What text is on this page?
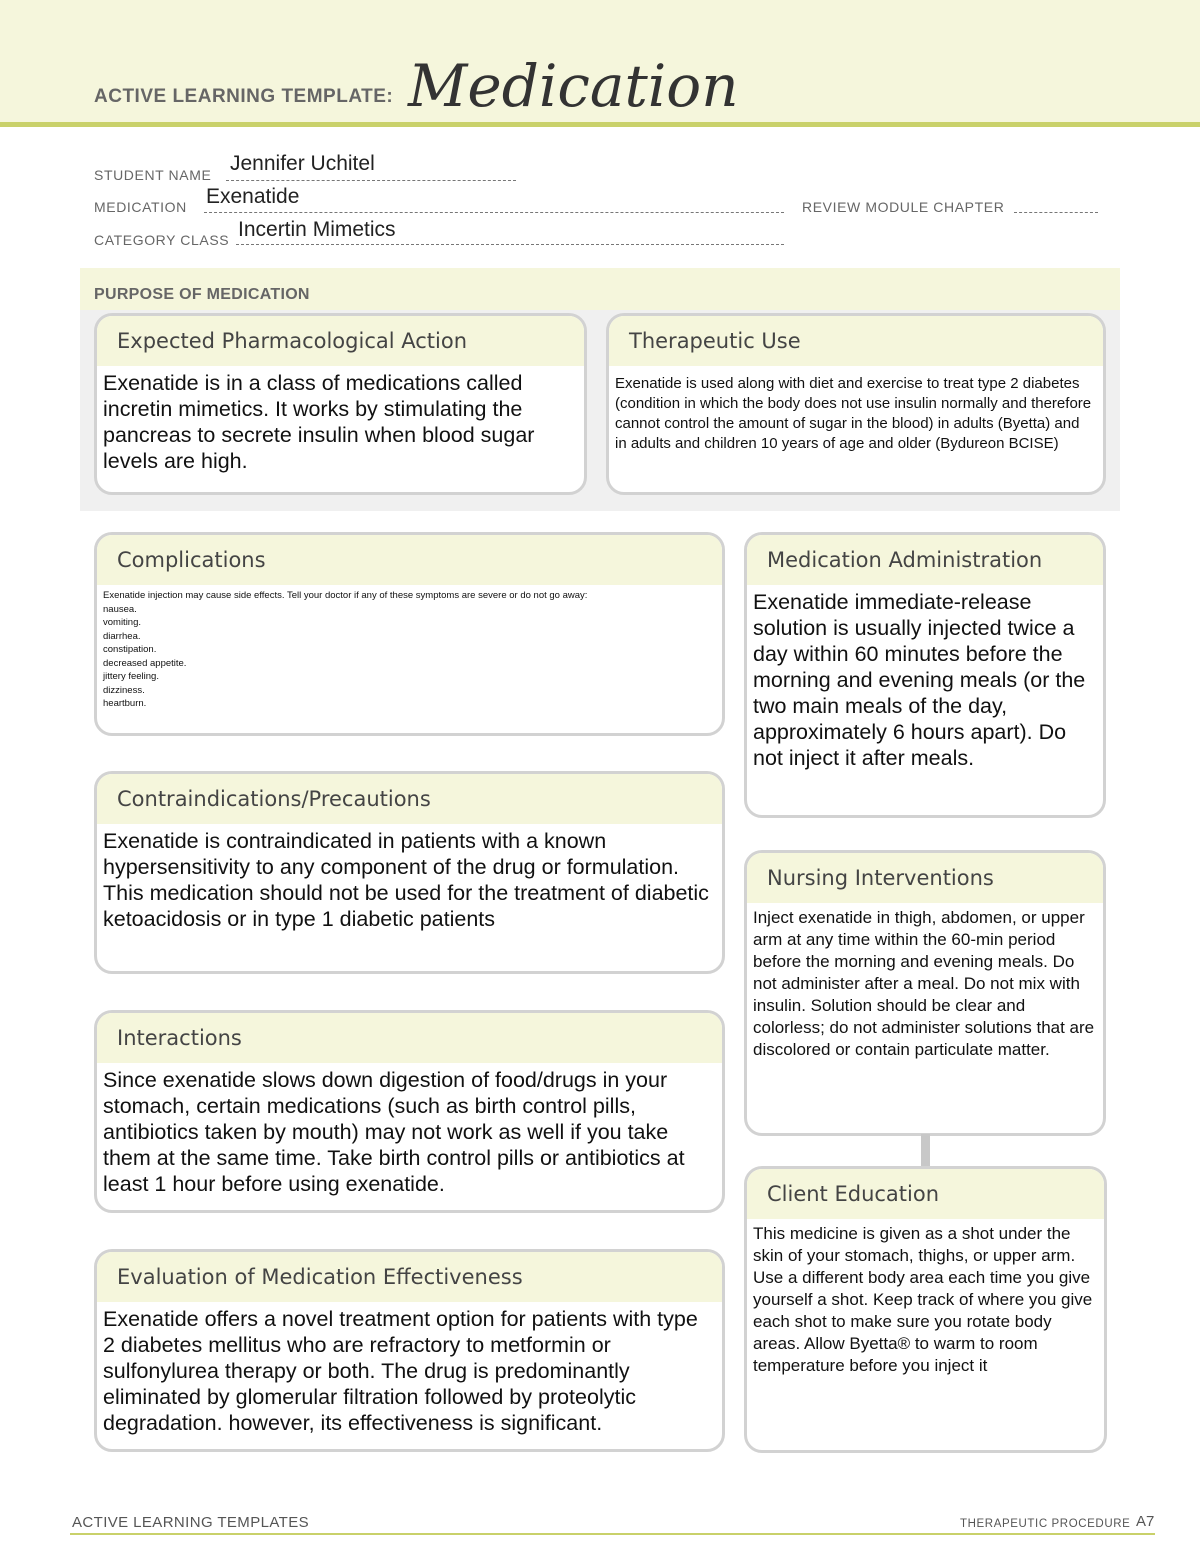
ACTIVE LEARNING TEMPLATE: Medication
STUDENT NAME Jennifer Uchitel
MEDICATION Exenatide	REVIEW MODULE CHAPTER
CATEGORY CLASS Incertin Mimetics
PURPOSE OF MEDICATION
Expected Pharmacological Action
Exenatide is in a class of medications called incretin mimetics. It works by stimulating the pancreas to secrete insulin when blood sugar levels are high.
Therapeutic Use
Exenatide is used along with diet and exercise to treat type 2 diabetes (condition in which the body does not use insulin normally and therefore cannot control the amount of sugar in the blood) in adults (Byetta) and in adults and children 10 years of age and older (Bydureon BCISE)
Complications
Exenatide injection may cause side effects. Tell your doctor if any of these symptoms are severe or do not go away:
nausea.
vomiting.
diarrhea.
constipation.
decreased appetite.
jittery feeling.
dizziness.
heartburn.
Contraindications/Precautions
Exenatide is contraindicated in patients with a known hypersensitivity to any component of the drug or formulation. This medication should not be used for the treatment of diabetic ketoacidosis or in type 1 diabetic patients
Interactions
Since exenatide slows down digestion of food/drugs in your stomach, certain medications (such as birth control pills, antibiotics taken by mouth) may not work as well if you take them at the same time. Take birth control pills or antibiotics at least 1 hour before using exenatide.
Evaluation of Medication Effectiveness
Exenatide offers a novel treatment option for patients with type 2 diabetes mellitus who are refractory to metformin or sulfonylurea therapy or both. The drug is predominantly eliminated by glomerular filtration followed by proteolytic degradation. however, its effectiveness is significant.
Medication Administration
Exenatide immediate-release solution is usually injected twice a day within 60 minutes before the morning and evening meals (or the two main meals of the day, approximately 6 hours apart). Do not inject it after meals.
Nursing Interventions
Inject exenatide in thigh, abdomen, or upper arm at any time within the 60-min period before the morning and evening meals. Do not administer after a meal. Do not mix with insulin. Solution should be clear and colorless; do not administer solutions that are discolored or contain particulate matter.
Client Education
This medicine is given as a shot under the skin of your stomach, thighs, or upper arm. Use a different body area each time you give yourself a shot. Keep track of where you give each shot to make sure you rotate body areas. Allow Byetta® to warm to room temperature before you inject it
ACTIVE LEARNING TEMPLATES	THERAPEUTIC PROCEDURE A7
